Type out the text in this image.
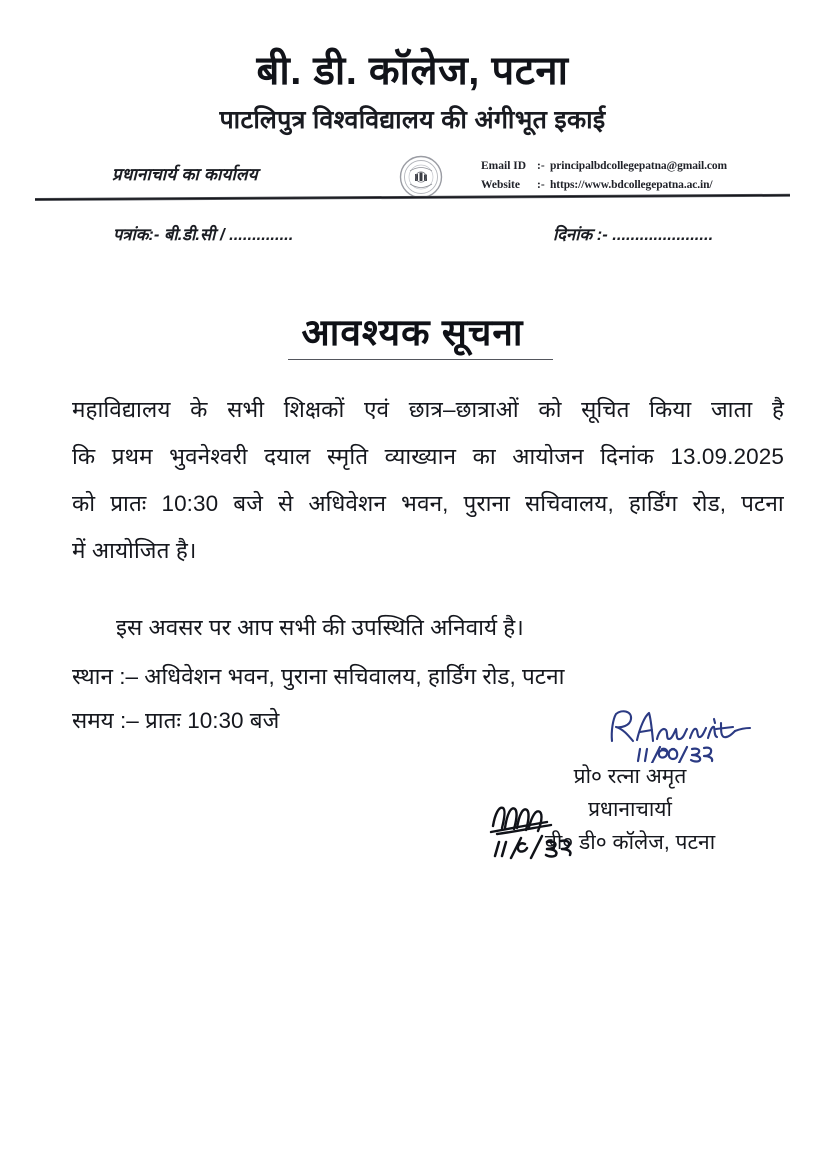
बी. डी. कॉलेज, पटना
पाटलिपुत्र विश्वविद्यालय की अंगीभूत इकाई
प्रधानाचार्य का कार्यालय	Email ID :- principalbdcollegepatna@gmail.com
Website :- https://www.bdcollegepatna.ac.in/
पत्रांक:- बी.डी.सी / ..............	दिनांक :- ......................
आवश्यक सूचना
महाविद्यालय के सभी शिक्षकों एवं छात्र–छात्राओं को सूचित किया जाता है
कि प्रथम भुवनेश्वरी दयाल स्मृति व्याख्यान का आयोजन दिनांक 13.09.2025
को प्रातः 10:30 बजे से अधिवेशन भवन, पुराना सचिवालय, हार्डिंग रोड, पटना
में आयोजित है।
इस अवसर पर आप सभी की उपस्थिति अनिवार्य है।
स्थान :– अधिवेशन भवन, पुराना सचिवालय, हार्डिंग रोड, पटना
समय :– प्रातः 10:30 बजे
प्रो० रत्ना अमृत
प्रधानाचार्या
बी० डी० कॉलेज, पटना
